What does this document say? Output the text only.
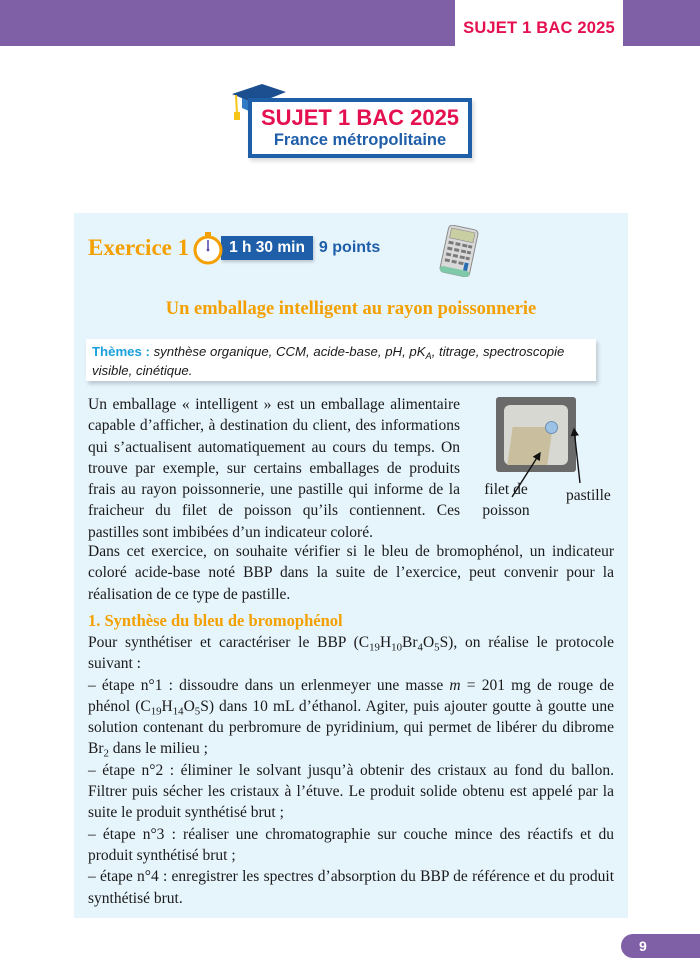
SUJET 1 BAC 2025
SUJET 1 BAC 2025
France métropolitaine
Exercice 1	1 h 30 min 9 points
Un emballage intelligent au rayon poissonnerie
Thèmes : synthèse organique, CCM, acide-base, pH, $pK_A$, titrage, spectroscopie visible, cinétique.
Un emballage « intelligent » est un emballage alimentaire capable d’afficher, à destination du client, des informations qui s’actualisent automatiquement au cours du temps. On trouve par exemple, sur certains emballages de produits frais au rayon poissonnerie, une pastille qui informe de la fraicheur du filet de poisson qu’ils contiennent. Ces pastilles sont imbibées d’un indicateur coloré.
filet de
poisson
pastille
Dans cet exercice, on souhaite vérifier si le bleu de bromophénol, un indicateur coloré acide-base noté BBP dans la suite de l’exercice, peut convenir pour la réalisation de ce type de pastille.
1. Synthèse du bleu de bromophénol
Pour synthétiser et caractériser le BBP $(C_{19}H_{10}Br_4O_5S)$, on réalise le protocole suivant :
– étape n°1 : dissoudre dans un erlenmeyer une masse m = 201 mg de rouge de phénol $(C_{19}H_{14}O_5S)$ dans 10 mL d’éthanol. Agiter, puis ajouter goutte à goutte une solution contenant du perbromure de pyridinium, qui permet de libérer du dibrome $Br_2$ dans le milieu ;
– étape n°2 : éliminer le solvant jusqu’à obtenir des cristaux au fond du ballon. Filtrer puis sécher les cristaux à l’étuve. Le produit solide obtenu est appelé par la suite le produit synthétisé brut ;
– étape n°3 : réaliser une chromatographie sur couche mince des réactifs et du produit synthétisé brut ;
– étape n°4 : enregistrer les spectres d’absorption du BBP de référence et du produit synthétisé brut.
9
